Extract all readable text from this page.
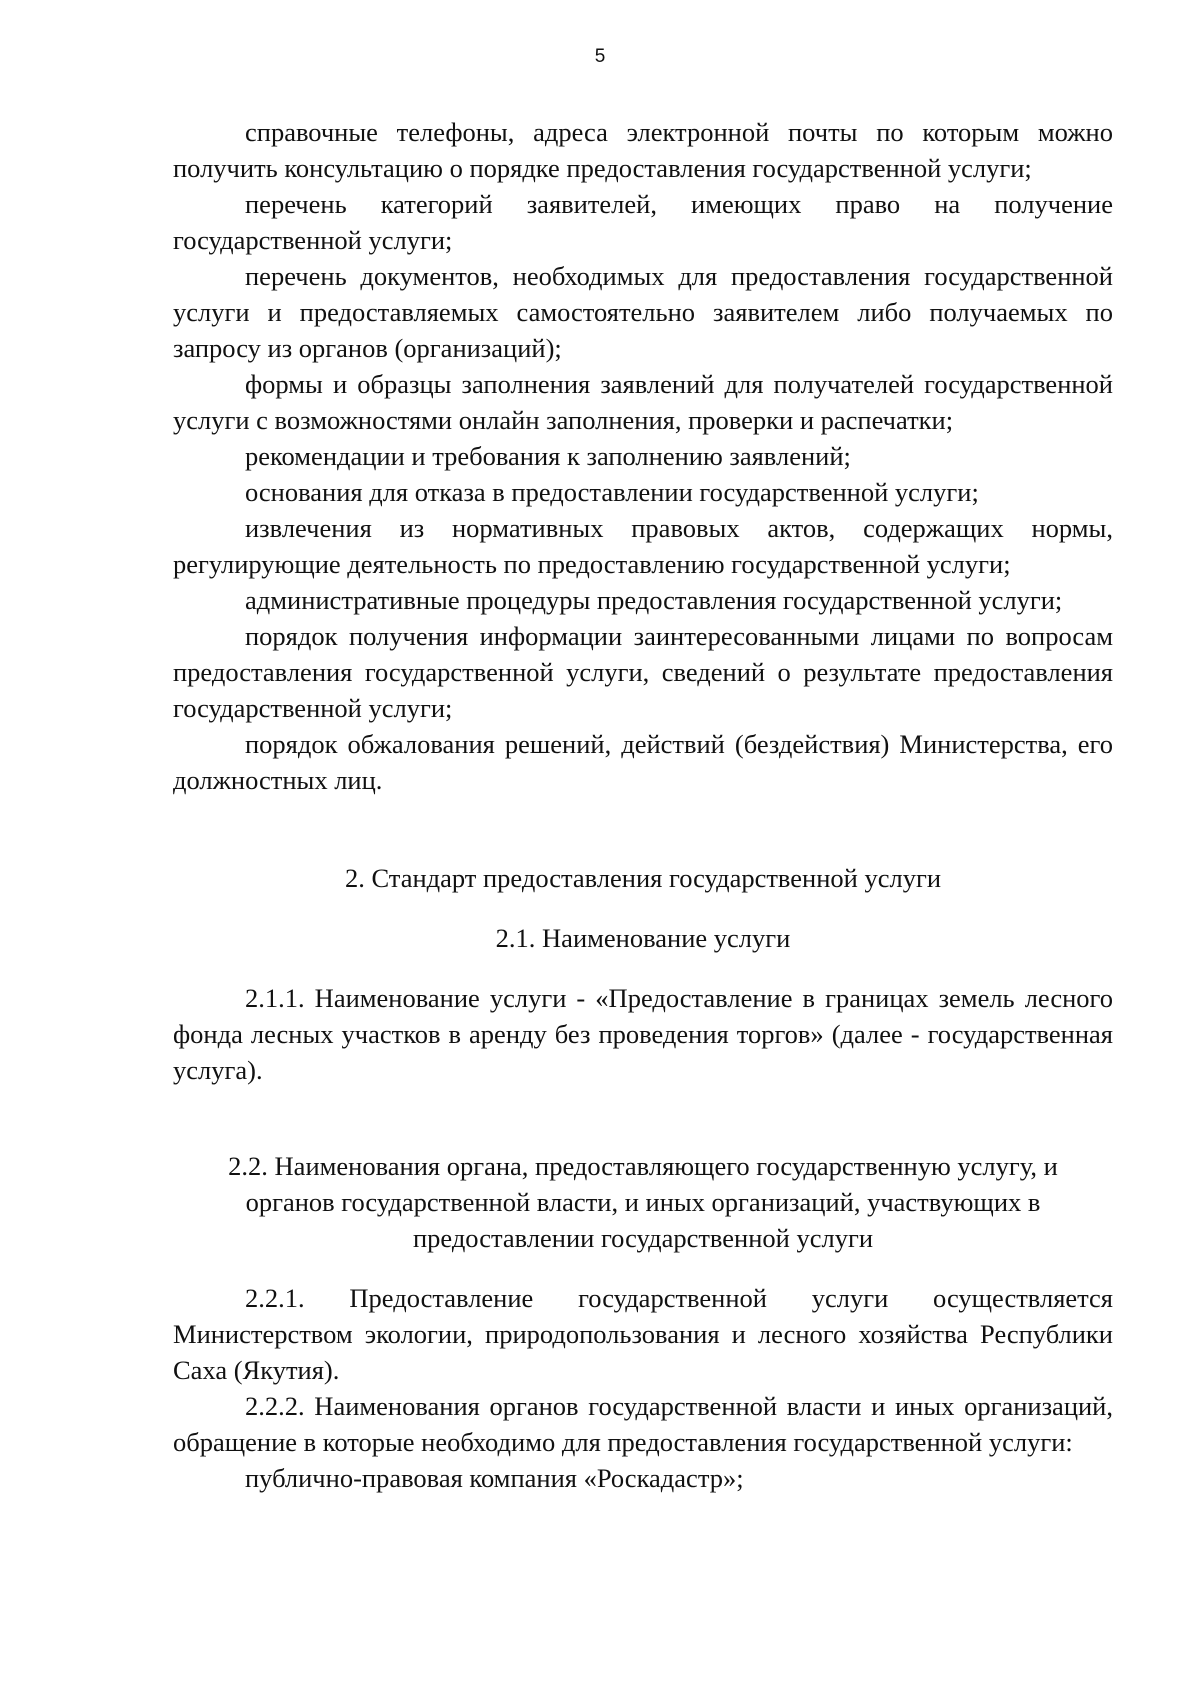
5

справочные телефоны, адреса электронной почты по которым можно получить консультацию о порядке предоставления государственной услуги;

перечень категорий заявителей, имеющих право на получение государственной услуги;

перечень документов, необходимых для предоставления государственной услуги и предоставляемых самостоятельно заявителем либо получаемых по запросу из органов (организаций);

формы и образцы заполнения заявлений для получателей государственной услуги с возможностями онлайн заполнения, проверки и распечатки;

рекомендации и требования к заполнению заявлений;

основания для отказа в предоставлении государственной услуги;

извлечения из нормативных правовых актов, содержащих нормы, регулирующие деятельность по предоставлению государственной услуги;

административные процедуры предоставления государственной услуги;

порядок получения информации заинтересованными лицами по вопросам предоставления государственной услуги, сведений о результате предоставления государственной услуги;

порядок обжалования решений, действий (бездействия) Министерства, его должностных лиц.

2. Стандарт предоставления государственной услуги

2.1. Наименование услуги

2.1.1. Наименование услуги - «Предоставление в границах земель лесного фонда лесных участков в аренду без проведения торгов» (далее - государственная услуга).

2.2. Наименования органа, предоставляющего государственную услугу, и органов государственной власти, и иных организаций, участвующих в предоставлении государственной услуги

2.2.1. Предоставление государственной услуги осуществляется Министерством экологии, природопользования и лесного хозяйства Республики Саха (Якутия).

2.2.2. Наименования органов государственной власти и иных организаций, обращение в которые необходимо для предоставления государственной услуги:

публично-правовая компания «Роскадастр»;
